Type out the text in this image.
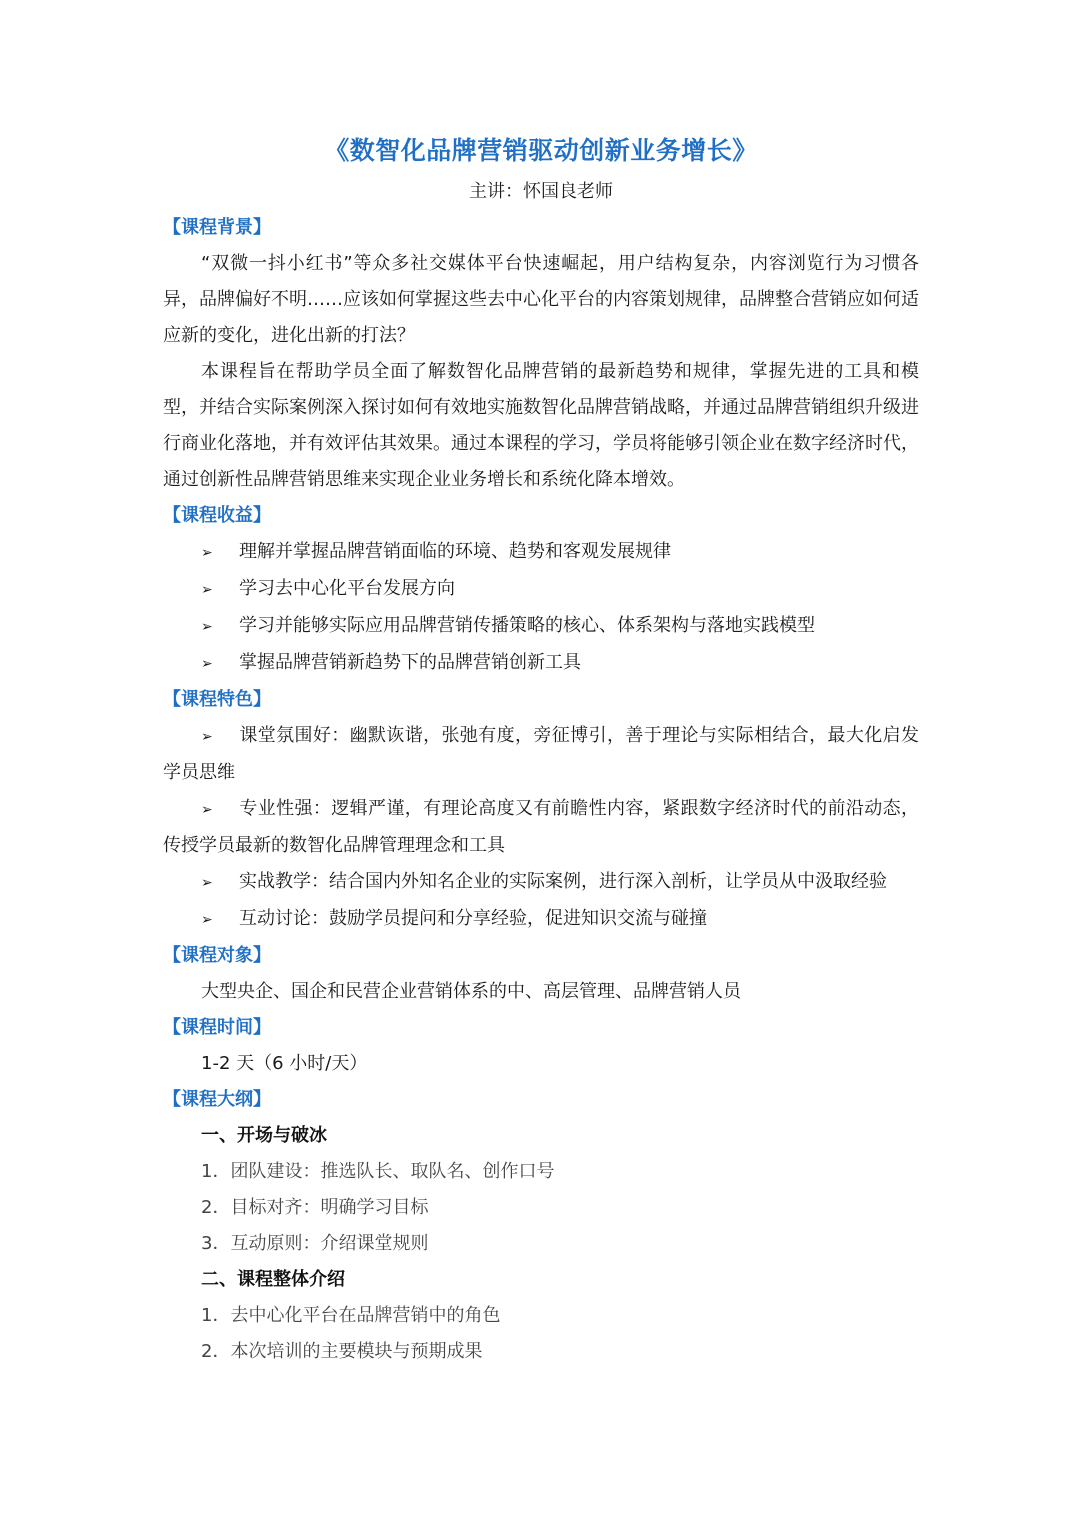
《数智化品牌营销驱动创新业务增长》

主讲：怀国良老师

【课程背景】

“双微一抖小红书”等众多社交媒体平台快速崛起，用户结构复杂，内容浏览行为习惯各异，品牌偏好不明……应该如何掌握这些去中心化平台的内容策划规律，品牌整合营销应如何适应新的变化，进化出新的打法？

本课程旨在帮助学员全面了解数智化品牌营销的最新趋势和规律，掌握先进的工具和模型，并结合实际案例深入探讨如何有效地实施数智化品牌营销战略，并通过品牌营销组织升级进行商业化落地，并有效评估其效果。通过本课程的学习，学员将能够引领企业在数字经济时代，通过创新性品牌营销思维来实现企业业务增长和系统化降本增效。

【课程收益】

➢ 理解并掌握品牌营销面临的环境、趋势和客观发展规律

➢ 学习去中心化平台发展方向

➢ 学习并能够实际应用品牌营销传播策略的核心、体系架构与落地实践模型

➢ 掌握品牌营销新趋势下的品牌营销创新工具

【课程特色】

➢ 课堂氛围好：幽默诙谐，张弛有度，旁征博引，善于理论与实际相结合，最大化启发学员思维

➢ 专业性强：逻辑严谨，有理论高度又有前瞻性内容，紧跟数字经济时代的前沿动态，传授学员最新的数智化品牌管理理念和工具

➢ 实战教学：结合国内外知名企业的实际案例，进行深入剖析，让学员从中汲取经验

➢ 互动讨论：鼓励学员提问和分享经验，促进知识交流与碰撞

【课程对象】

大型央企、国企和民营企业营销体系的中、高层管理、品牌营销人员

【课程时间】

1-2 天（6 小时/天）

【课程大纲】

一、开场与破冰

1．团队建设：推选队长、取队名、创作口号

2．目标对齐：明确学习目标

3．互动原则：介绍课堂规则

二、课程整体介绍

1．去中心化平台在品牌营销中的角色

2．本次培训的主要模块与预期成果
